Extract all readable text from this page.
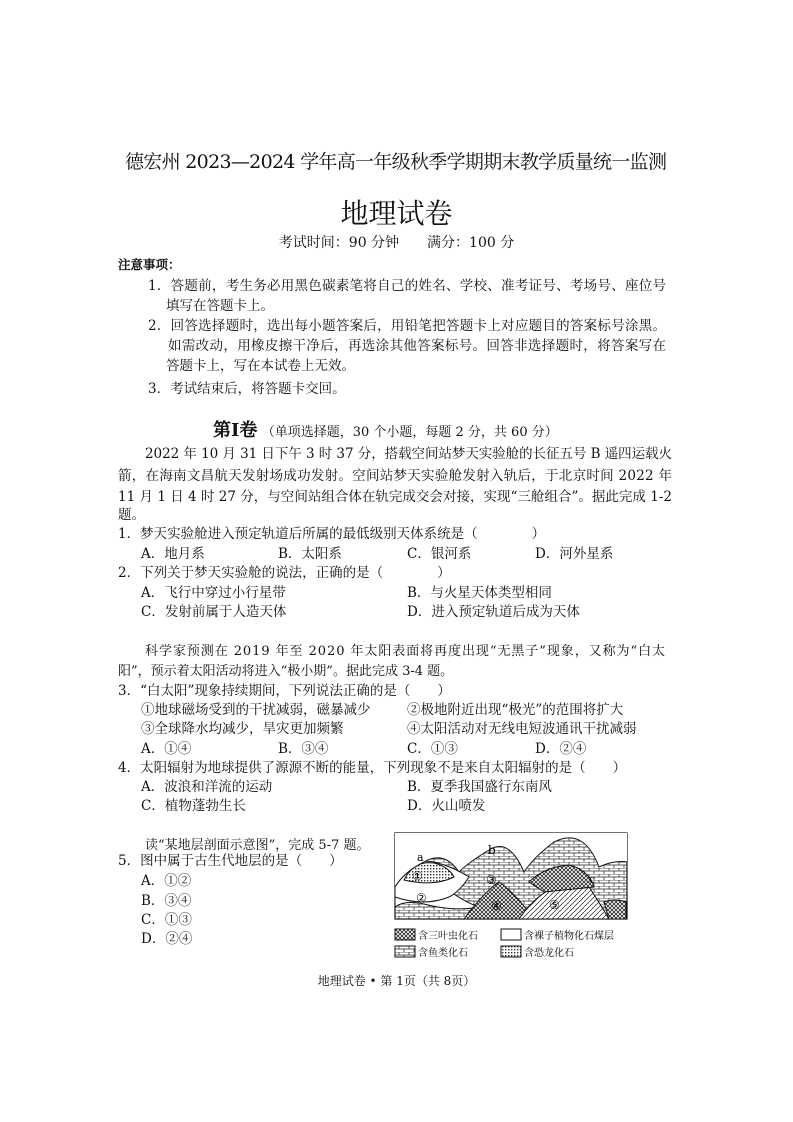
德宏州 2023—2024 学年高一年级秋季学期期末教学质量统一监测
地理试卷
考试时间：90 分钟　　满分：100 分
注意事项：
1．答题前，考生务必用黑色碳素笔将自己的姓名、学校、准考证号、考场号、座位号
填写在答题卡上。
2．回答选择题时，选出每小题答案后，用铅笔把答题卡上对应题目的答案标号涂黑。
如需改动，用橡皮擦干净后，再选涂其他答案标号。回答非选择题时，将答案写在
答题卡上，写在本试卷上无效。
3．考试结束后，将答题卡交回。
第Ⅰ卷 （单项选择题，30 个小题，每题 2 分，共 60 分）
2022 年 10 月 31 日下午 3 时 37 分，搭载空间站梦天实验舱的长征五号 B 遥四运载火
箭，在海南文昌航天发射场成功发射。空间站梦天实验舱发射入轨后，于北京时间 2022 年
11 月 1 日 4 时 27 分，与空间站组合体在轨完成交会对接，实现“三舱组合”。据此完成 1-2
题。
1．梦天实验舱进入预定轨道后所属的最低级别天体系统是（　　　　）
A．地月系	B．太阳系	C．银河系	D．河外星系
2．下列关于梦天实验舱的说法，正确的是（　　　　）
A．飞行中穿过小行星带	B．与火星天体类型相同
C．发射前属于人造天体	D．进入预定轨道后成为天体
科学家预测在 2019 年至 2020 年太阳表面将再度出现“无黑子”现象，又称为“白太
阳”，预示着太阳活动将进入“极小期”。据此完成 3-4 题。
3．“白太阳”现象持续期间，下列说法正确的是（　　）
①地球磁场受到的干扰减弱，磁暴减少	②极地附近出现“极光”的范围将扩大
③全球降水均减少，旱灾更加频繁	④太阳活动对无线电短波通讯干扰减弱
A．①④	B．③④	C．①③	D．②④
4．太阳辐射为地球提供了源源不断的能量，下列现象不是来自太阳辐射的是（　　）
A．波浪和洋流的运动	B．夏季我国盛行东南风
C．植物蓬勃生长	D．火山喷发
读“某地层剖面示意图”，完成 5-7 题。
5．图中属于古生代地层的是（　　）
A．①②
B．③④
C．①③
D．②④
a
b
c
①
②
③
④	⑤
含三叶虫化石	含裸子植物化石煤层
含鱼类化石	含恐龙化石
地理试卷 • 第 1页（共 8页）
